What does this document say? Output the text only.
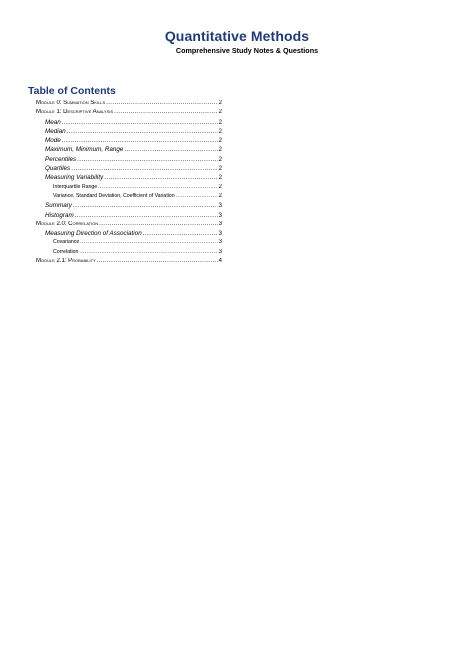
Quantitative Methods
Comprehensive Study Notes & Questions
Table of Contents
Module 0: Summation Skills .....	2
Module 1: Descriptive Analysis .....	2
Mean .....	2
Median .....	2
Mode .....	2
Maximum, Minimum, Range .....	2
Percentiles .....	2
Quartiles .....	2
Measuring Variability .....	2
Interquartile Range .....	2
Variance, Standard Deviation, Coefficient of Variation .....	2
Summary .....	3
Histogram .....	3
Module 2.0: Correlation .....	3
Measuring Direction of Association .....	3
Covariance .....	3
Correlation .....	3
Module 2.1: Probability .....	4
